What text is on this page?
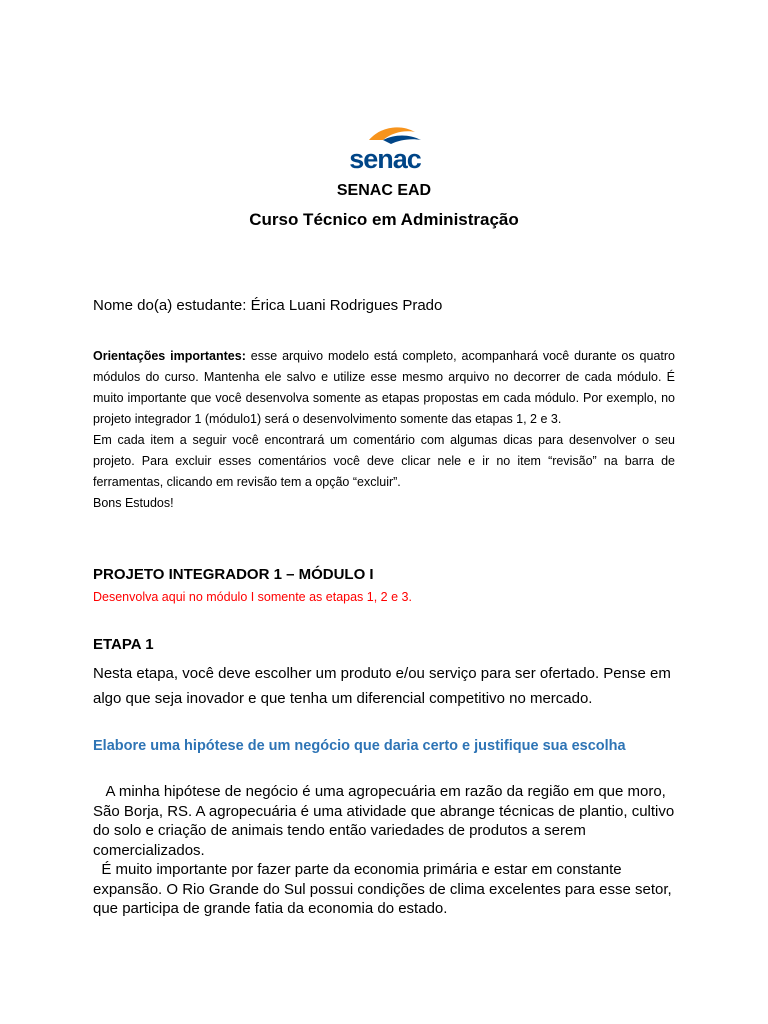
senac
SENAC EAD
Curso Técnico em Administração
Nome do(a) estudante: Érica Luani Rodrigues Prado

Orientações importantes: esse arquivo modelo está completo, acompanhará você durante os quatro módulos do curso. Mantenha ele salvo e utilize esse mesmo arquivo no decorrer de cada módulo. É muito importante que você desenvolva somente as etapas propostas em cada módulo. Por exemplo, no projeto integrador 1 (módulo1) será o desenvolvimento somente das etapas 1, 2 e 3.

Em cada item a seguir você encontrará um comentário com algumas dicas para desenvolver o seu projeto. Para excluir esses comentários você deve clicar nele e ir no item “revisão” na barra de ferramentas, clicando em revisão tem a opção “excluir”.

Bons Estudos!

PROJETO INTEGRADOR 1 – MÓDULO I
Desenvolva aqui no módulo I somente as etapas 1, 2 e 3.
ETAPA 1
Nesta etapa, você deve escolher um produto e/ou serviço para ser ofertado. Pense em algo que seja inovador e que tenha um diferencial competitivo no mercado.
Elabore uma hipótese de um negócio que daria certo e justifique sua escolha

A minha hipótese de negócio é uma agropecuária em razão da região em que moro, São Borja, RS. A agropecuária é uma atividade que abrange técnicas de plantio, cultivo do solo e criação de animais tendo então variedades de produtos a serem comercializados.

É muito importante por fazer parte da economia primária e estar em constante expansão. O Rio Grande do Sul possui condições de clima excelentes para esse setor, que participa de grande fatia da economia do estado.
